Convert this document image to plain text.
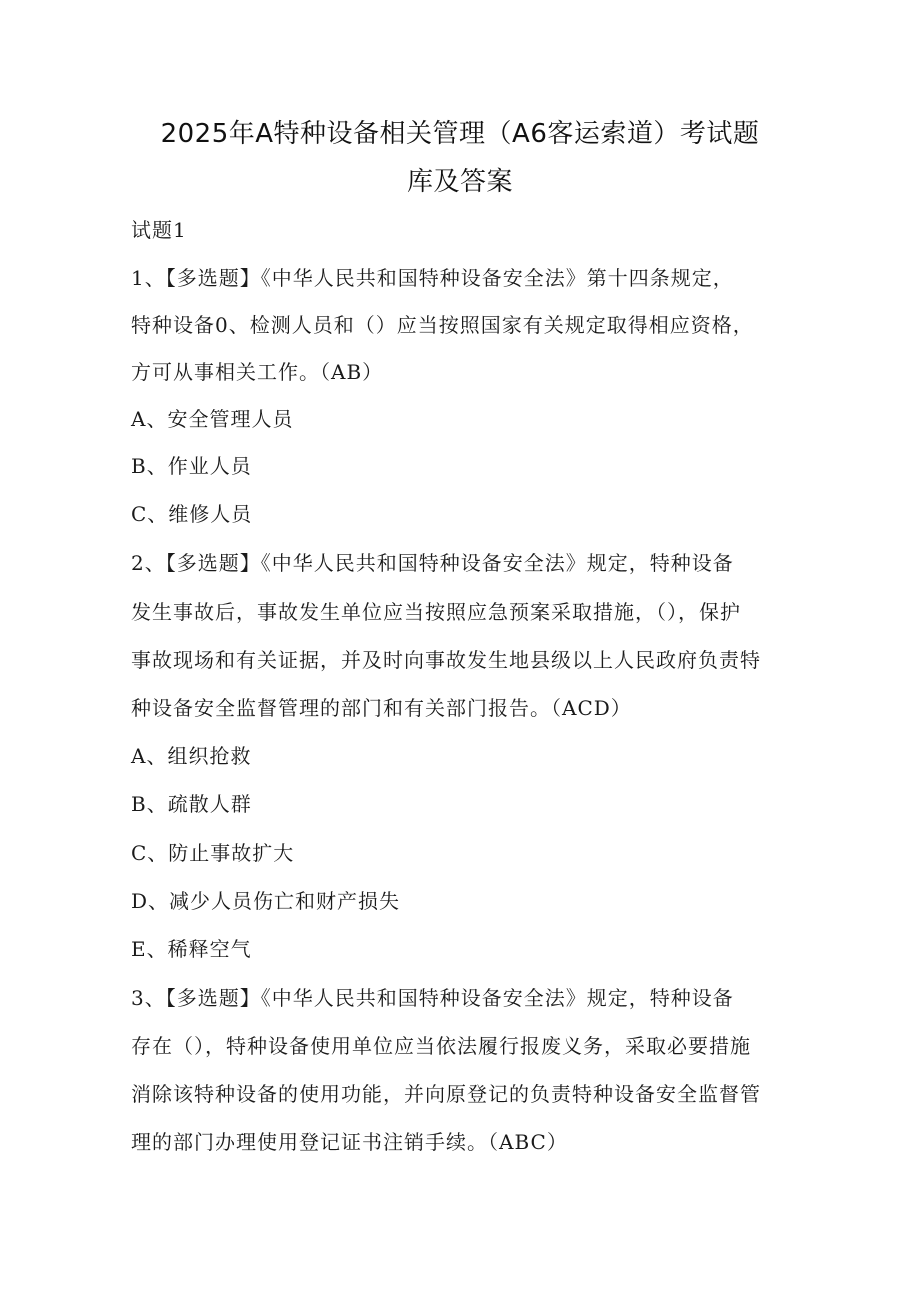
2025年A特种设备相关管理（A6客运索道）考试题
库及答案
试题1
1、【多选题】《中华人民共和国特种设备安全法》第十四条规定，
特种设备0、检测人员和（）应当按照国家有关规定取得相应资格，
方可从事相关工作。（AB）
A、安全管理人员
B、作业人员
C、维修人员
2、【多选题】《中华人民共和国特种设备安全法》规定，特种设备
发生事故后，事故发生单位应当按照应急预案采取措施，（），保护
事故现场和有关证据，并及时向事故发生地县级以上人民政府负责特
种设备安全监督管理的部门和有关部门报告。（ACD）
A、组织抢救
B、疏散人群
C、防止事故扩大
D、减少人员伤亡和财产损失
E、稀释空气
3、【多选题】《中华人民共和国特种设备安全法》规定，特种设备
存在（），特种设备使用单位应当依法履行报废义务，采取必要措施
消除该特种设备的使用功能，并向原登记的负责特种设备安全监督管
理的部门办理使用登记证书注销手续。（ABC）
